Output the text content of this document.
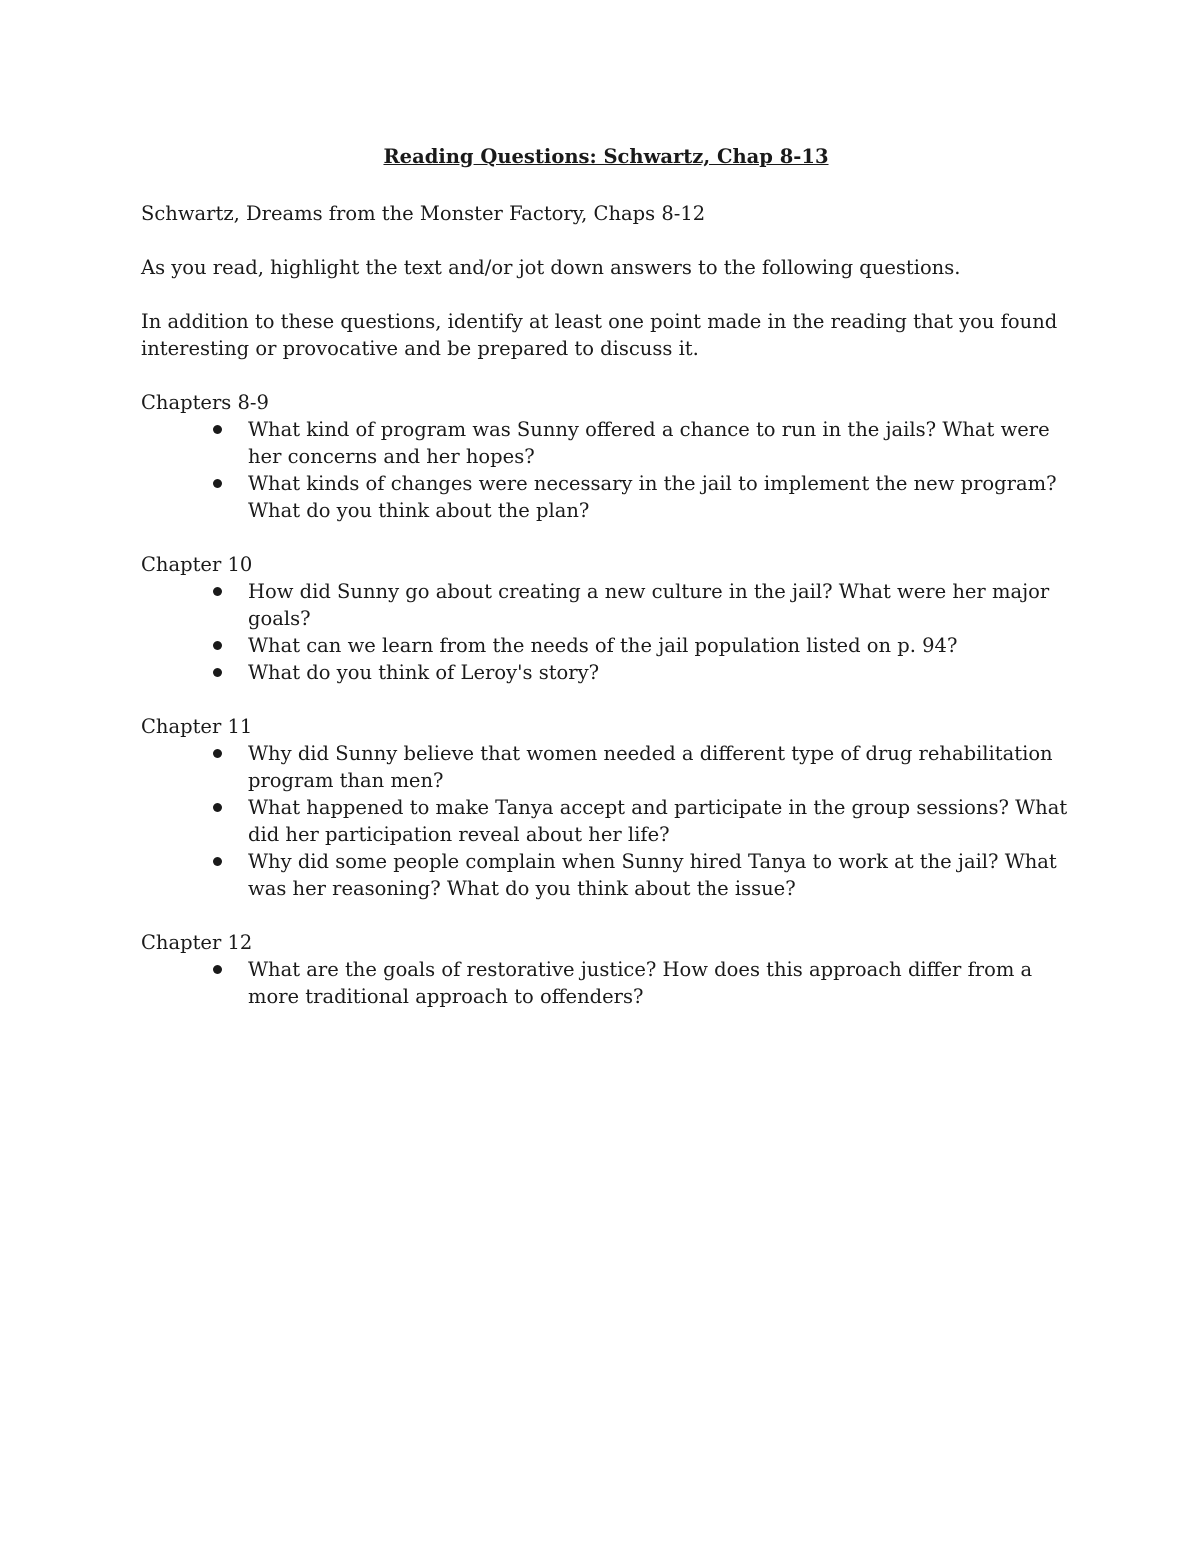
Reading Questions: Schwartz, Chap 8-13
Schwartz, Dreams from the Monster Factory, Chaps 8-12
As you read, highlight the text and/or jot down answers to the following questions.
In addition to these questions, identify at least one point made in the reading that you found interesting or provocative and be prepared to discuss it.
Chapters 8-9
What kind of program was Sunny offered a chance to run in the jails? What were her concerns and her hopes?
What kinds of changes were necessary in the jail to implement the new program? What do you think about the plan?
Chapter 10
How did Sunny go about creating a new culture in the jail? What were her major goals?
What can we learn from the needs of the jail population listed on p. 94?
What do you think of Leroy's story?
Chapter 11
Why did Sunny believe that women needed a different type of drug rehabilitation program than men?
What happened to make Tanya accept and participate in the group sessions? What did her participation reveal about her life?
Why did some people complain when Sunny hired Tanya to work at the jail? What was her reasoning? What do you think about the issue?
Chapter 12
What are the goals of restorative justice? How does this approach differ from a more traditional approach to offenders?
